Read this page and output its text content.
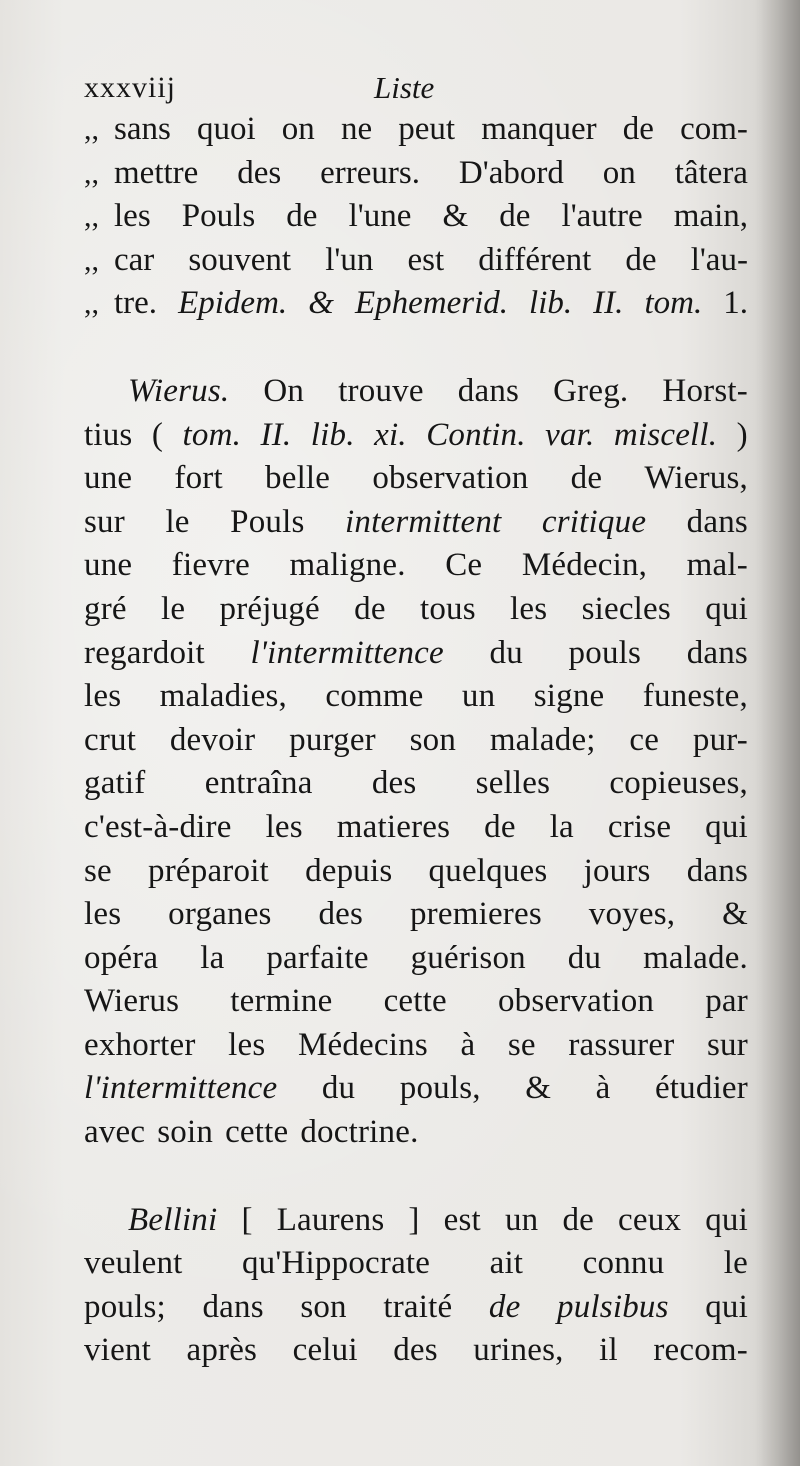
xxxviij	Liste
,, sans quoi on ne peut manquer de com-
,, mettre des erreurs. D'abord on tâtera
,, les Pouls de l'une & de l'autre main,
,, car souvent l'un est différent de l'au-
,, tre. Epidem. & Ephemerid. lib. II. tom. 1.
Wierus. On trouve dans Greg. Horst-
tius ( tom. II. lib. xi. Contin. var. miscell. )
une fort belle observation de Wierus,
sur le Pouls intermittent critique dans
une fievre maligne. Ce Médecin, mal-
gré le préjugé de tous les siecles qui
regardoit l'intermittence du pouls dans
les maladies, comme un signe funeste,
crut devoir purger son malade; ce pur-
gatif entraîna des selles copieuses,
c'est-à-dire les matieres de la crise qui
se préparoit depuis quelques jours dans
les organes des premieres voyes, &
opéra la parfaite guérison du malade.
Wierus termine cette observation par
exhorter les Médecins à se rassurer sur
l'intermittence du pouls, & à étudier
avec soin cette doctrine.
Bellini [ Laurens ] est un de ceux qui
veulent qu'Hippocrate ait connu le
pouls; dans son traité de pulsibus qui
vient après celui des urines, il recom-
